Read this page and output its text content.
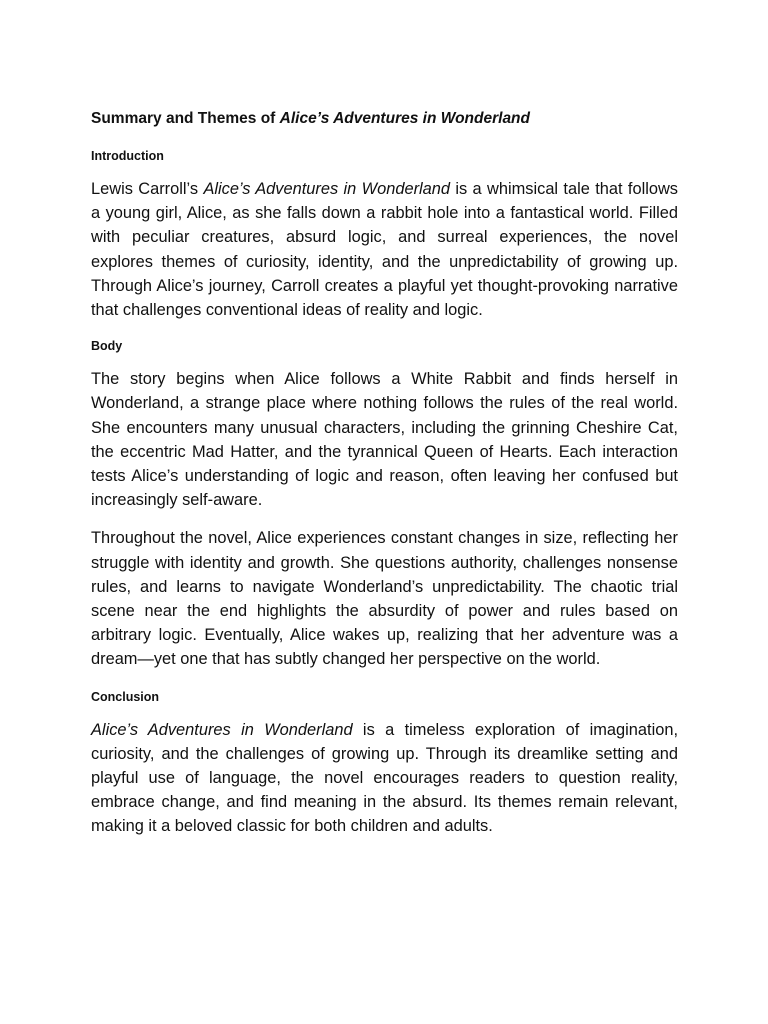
Summary and Themes of Alice’s Adventures in Wonderland
Introduction

Lewis Carroll’s Alice’s Adventures in Wonderland is a whimsical tale that follows a young girl, Alice, as she falls down a rabbit hole into a fantastical world. Filled with peculiar creatures, absurd logic, and surreal experiences, the novel explores themes of curiosity, identity, and the unpredictability of growing up. Through Alice’s journey, Carroll creates a playful yet thought-provoking narrative that challenges conventional ideas of reality and logic.

Body

The story begins when Alice follows a White Rabbit and finds herself in Wonderland, a strange place where nothing follows the rules of the real world. She encounters many unusual characters, including the grinning Cheshire Cat, the eccentric Mad Hatter, and the tyrannical Queen of Hearts. Each interaction tests Alice’s understanding of logic and reason, often leaving her confused but increasingly self-aware.

Throughout the novel, Alice experiences constant changes in size, reflecting her struggle with identity and growth. She questions authority, challenges nonsense rules, and learns to navigate Wonderland’s unpredictability. The chaotic trial scene near the end highlights the absurdity of power and rules based on arbitrary logic. Eventually, Alice wakes up, realizing that her adventure was a dream—yet one that has subtly changed her perspective on the world.

Conclusion

Alice’s Adventures in Wonderland is a timeless exploration of imagination, curiosity, and the challenges of growing up. Through its dreamlike setting and playful use of language, the novel encourages readers to question reality, embrace change, and find meaning in the absurd. Its themes remain relevant, making it a beloved classic for both children and adults.
